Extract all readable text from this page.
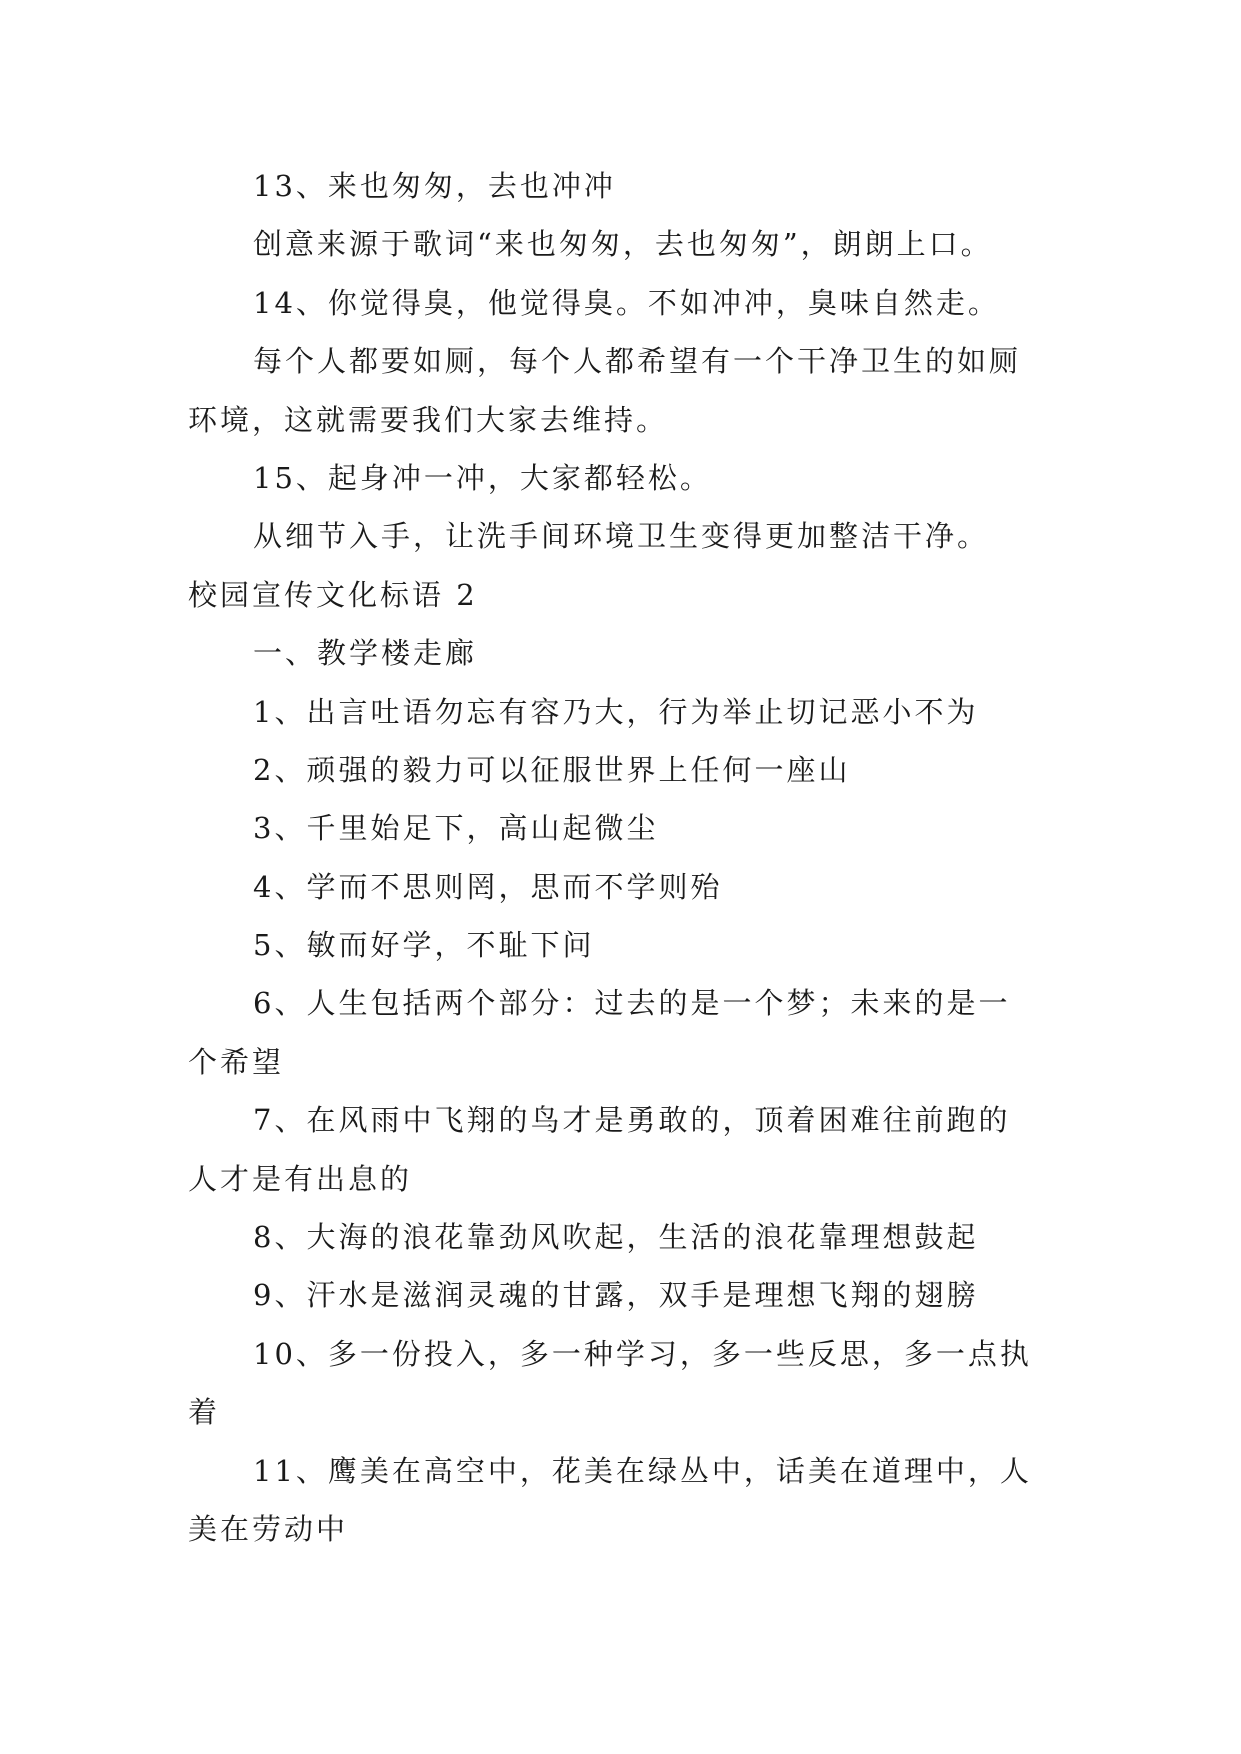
13、来也匆匆，去也冲冲
创意来源于歌词“来也匆匆，去也匆匆”，朗朗上口。
14、你觉得臭，他觉得臭。不如冲冲，臭味自然走。
每个人都要如厕，每个人都希望有一个干净卫生的如厕
环境，这就需要我们大家去维持。
15、起身冲一冲，大家都轻松。
从细节入手，让洗手间环境卫生变得更加整洁干净。
校园宣传文化标语 2
一、教学楼走廊
1、出言吐语勿忘有容乃大，行为举止切记恶小不为
2、顽强的毅力可以征服世界上任何一座山
3、千里始足下，高山起微尘
4、学而不思则罔，思而不学则殆
5、敏而好学，不耻下问
6、人生包括两个部分：过去的是一个梦；未来的是一
个希望
7、在风雨中飞翔的鸟才是勇敢的，顶着困难往前跑的
人才是有出息的
8、大海的浪花靠劲风吹起，生活的浪花靠理想鼓起
9、汗水是滋润灵魂的甘露，双手是理想飞翔的翅膀
10、多一份投入，多一种学习，多一些反思，多一点执
着
11、鹰美在高空中，花美在绿丛中，话美在道理中，人
美在劳动中
